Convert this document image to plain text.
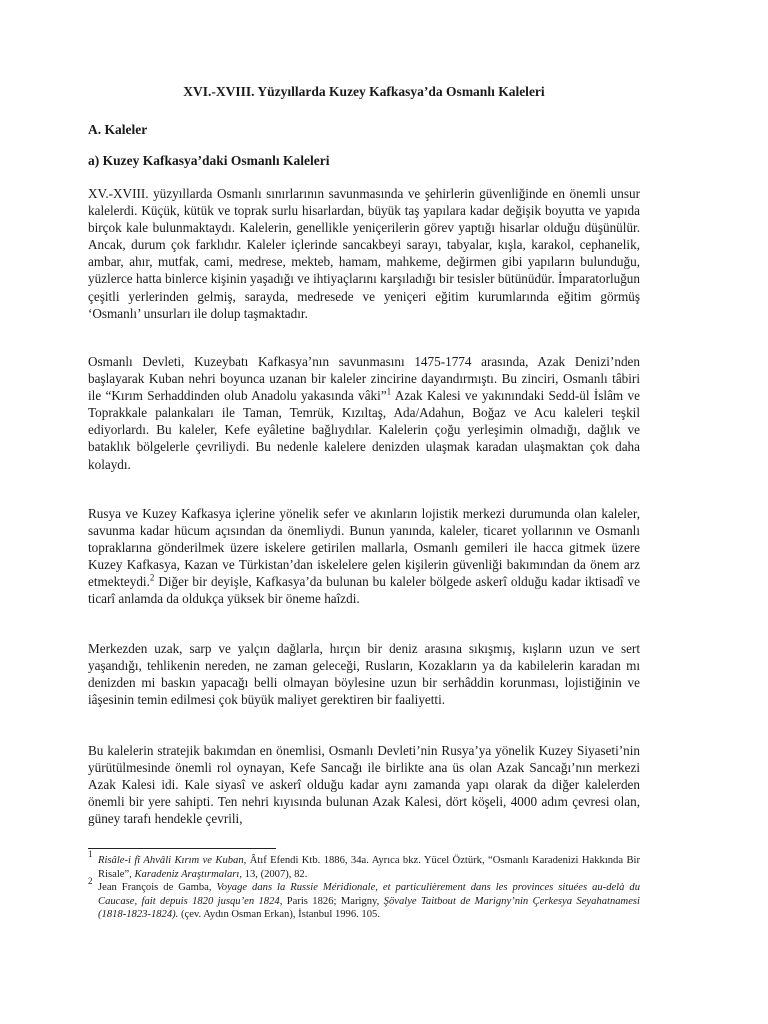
XVI.-XVIII. Yüzyıllarda Kuzey Kafkasya’da Osmanlı Kaleleri
A. Kaleler
a) Kuzey Kafkasya’daki Osmanlı Kaleleri

XV.-XVIII. yüzyıllarda Osmanlı sınırlarının savunmasında ve şehirlerin güvenliğinde en önemli unsur kalelerdi. Küçük, kütük ve toprak surlu hisarlardan, büyük taş yapılara kadar değişik boyutta ve yapıda birçok kale bulunmaktaydı. Kalelerin, genellikle yeniçerilerin görev yaptığı hisarlar olduğu düşünülür. Ancak, durum çok farklıdır. Kaleler içlerinde sancakbeyi sarayı, tabyalar, kışla, karakol, cephanelik, ambar, ahır, mutfak, cami, medrese, mekteb, hamam, mahkeme, değirmen gibi yapıların bulunduğu, yüzlerce hatta binlerce kişinin yaşadığı ve ihtiyaçlarını karşıladığı bir tesisler bütünüdür. İmparatorluğun çeşitli yerlerinden gelmiş, sarayda, medresede ve yeniçeri eğitim kurumlarında eğitim görmüş ‘Osmanlı’ unsurları ile dolup taşmaktadır.

Osmanlı Devleti, Kuzeybatı Kafkasya’nın savunmasını 1475-1774 arasında, Azak Denizi’nden başlayarak Kuban nehri boyunca uzanan bir kaleler zincirine dayandırmıştı. Bu zinciri, Osmanlı tâbiri ile “Kırım Serhaddinden olub Anadolu yakasında vâki”$^1$ Azak Kalesi ve yakınındaki Sedd-ül İslâm ve Toprakkale palankaları ile Taman, Temrük, Kızıltaş, Ada/Adahun, Boğaz ve Acu kaleleri teşkil ediyorlardı. Bu kaleler, Kefe eyâletine bağlıydılar. Kalelerin çoğu yerleşimin olmadığı, dağlık ve bataklık bölgelerle çevriliydi. Bu nedenle kalelere denizden ulaşmak karadan ulaşmaktan çok daha kolaydı.

Rusya ve Kuzey Kafkasya içlerine yönelik sefer ve akınların lojistik merkezi durumunda olan kaleler, savunma kadar hücum açısından da önemliydi. Bunun yanında, kaleler, ticaret yollarının ve Osmanlı topraklarına gönderilmek üzere iskelere getirilen mallarla, Osmanlı gemileri ile hacca gitmek üzere Kuzey Kafkasya, Kazan ve Türkistan’dan iskelelere gelen kişilerin güvenliği bakımından da önem arz etmekteydi.$^2$ Diğer bir deyişle, Kafkasya’da bulunan bu kaleler bölgede askerî olduğu kadar iktisadî ve ticarî anlamda da oldukça yüksek bir öneme haîzdi.

Merkezden uzak, sarp ve yalçın dağlarla, hırçın bir deniz arasına sıkışmış, kışların uzun ve sert yaşandığı, tehlikenin nereden, ne zaman geleceği, Rusların, Kozakların ya da kabilelerin karadan mı denizden mi baskın yapacağı belli olmayan böylesine uzun bir serhâddin korunması, lojistiğinin ve iâşesinin temin edilmesi çok büyük maliyet gerektiren bir faaliyetti.

Bu kalelerin stratejik bakımdan en önemlisi, Osmanlı Devleti’nin Rusya’ya yönelik Kuzey Siyaseti’nin yürütülmesinde önemli rol oynayan, Kefe Sancağı ile birlikte ana üs olan Azak Sancağı’nın merkezi Azak Kalesi idi. Kale siyasî ve askerî olduğu kadar aynı zamanda yapı olarak da diğer kalelerden önemli bir yere sahipti. Ten nehri kıyısında bulunan Azak Kalesi, dört köşeli, 4000 adım çevresi olan, güney tarafı hendekle çevrili,

1
Risâle-i fî Ahvâli Kırım ve Kuban, Âtıf Efendi Ktb. 1886, 34a. Ayrıca bkz. Yücel Öztürk, “Osmanlı Karadenizi Hakkında Bir Risale”, Karadeniz Araştırmaları, 13, (2007), 82.
2
Jean François de Gamba, Voyage dans la Russie Méridionale, et particulièrement dans les provinces situées au-delà du Caucase, fait depuis 1820 jusqu’en 1824, Paris 1826; Marigny, Şövalye Taitbout de Marigny’nin Çerkesya Seyahatnamesi (1818-1823-1824). (çev. Aydın Osman Erkan), İstanbul 1996. 105.
